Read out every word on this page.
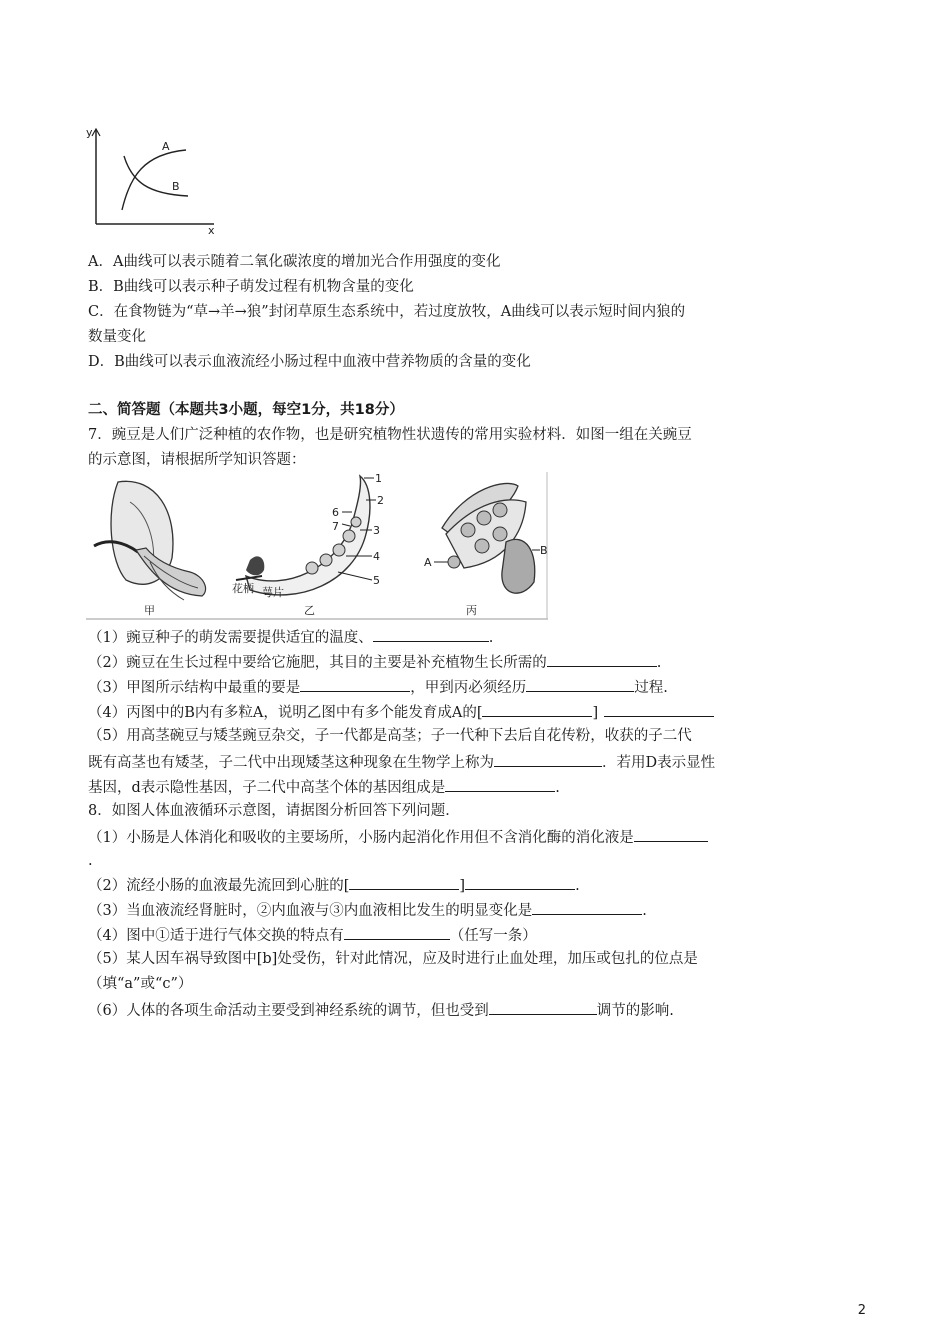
y
x
A
B
A．A曲线可以表示随着二氧化碳浓度的增加光合作用强度的变化
B．B曲线可以表示种子萌发过程有机物含量的变化
C．在食物链为“草→羊→狼”封闭草原生态系统中，若过度放牧，A曲线可以表示短时间内狼的
数量变化
D．B曲线可以表示血液流经小肠过程中血液中营养物质的含量的变化
二、简答题（本题共3小题，每空1分，共18分）
7．豌豆是人们广泛种植的农作物，也是研究植物性状遗传的常用实验材料．如图一组在关豌豆
的示意图，请根据所学知识答题：
1
2
3
4
5
6
7
花柄 萼片
A
B
甲	乙	丙
（1）豌豆种子的萌发需要提供适宜的温度、	.
（2）豌豆在生长过程中要给它施肥，其目的主要是补充植物生长所需的	.
（3）甲图所示结构中最重的要是	，甲到丙必须经历	过程.
（4）丙图中的B内有多粒A，说明乙图中有多个能发育成A的[	]
（5）用高茎碗豆与矮茎豌豆杂交，子一代都是高茎；子一代种下去后自花传粉，收获的子二代
既有高茎也有矮茎，子二代中出现矮茎这种现象在生物学上称为	．若用D表示显性
基因，d表示隐性基因，子二代中高茎个体的基因组成是	.
8．如图人体血液循环示意图，请据图分析回答下列问题．
（1）小肠是人体消化和吸收的主要场所，小肠内起消化作用但不含消化酶的消化液是
.
（2）流经小肠的血液最先流回到心脏的[	]	.
（3）当血液流经肾脏时，②内血液与③内血液相比发生的明显变化是	.
（4）图中①适于进行气体交换的特点有	（任写一条）
（5）某人因车祸导致图中[b]处受伤，针对此情况，应及时进行止血处理，加压或包扎的位点是
（填“a”或“c”）
（6）人体的各项生命活动主要受到神经系统的调节，但也受到	调节的影响.
2
